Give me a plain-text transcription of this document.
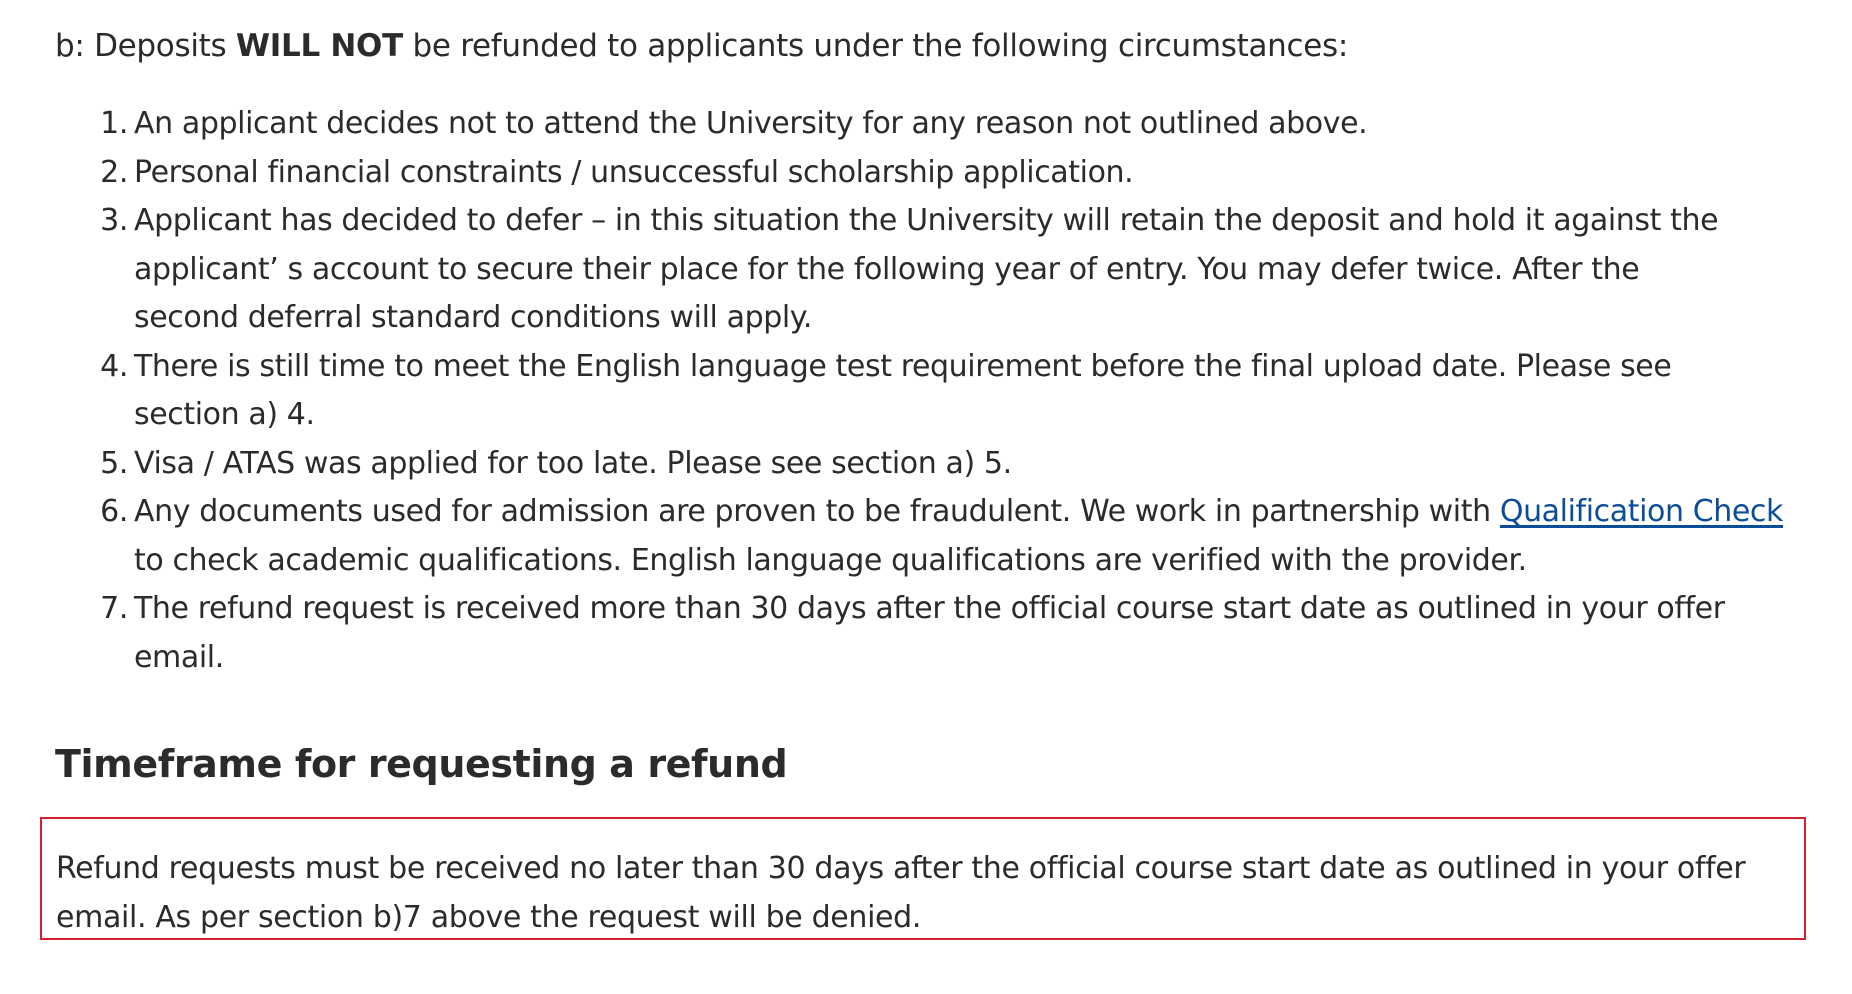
b: Deposits WILL NOT be refunded to applicants under the following circumstances:

1. An applicant decides not to attend the University for any reason not outlined above.
2. Personal financial constraints / unsuccessful scholarship application.
3. Applicant has decided to defer – in this situation the University will retain the deposit and hold it against the
applicant’ s account to secure their place for the following year of entry. You may defer twice. After the
second deferral standard conditions will apply.
4. There is still time to meet the English language test requirement before the final upload date. Please see
section a) 4.
5. Visa / ATAS was applied for too late. Please see section a) 5.
6. Any documents used for admission are proven to be fraudulent. We work in partnership with Qualification Check to check academic qualifications. English language qualifications are verified with the provider.
7. The refund request is received more than 30 days after the official course start date as outlined in your offer
email.
Timeframe for requesting a refund
Refund requests must be received no later than 30 days after the official course start date as outlined in your offer
email. As per section b)7 above the request will be denied.
